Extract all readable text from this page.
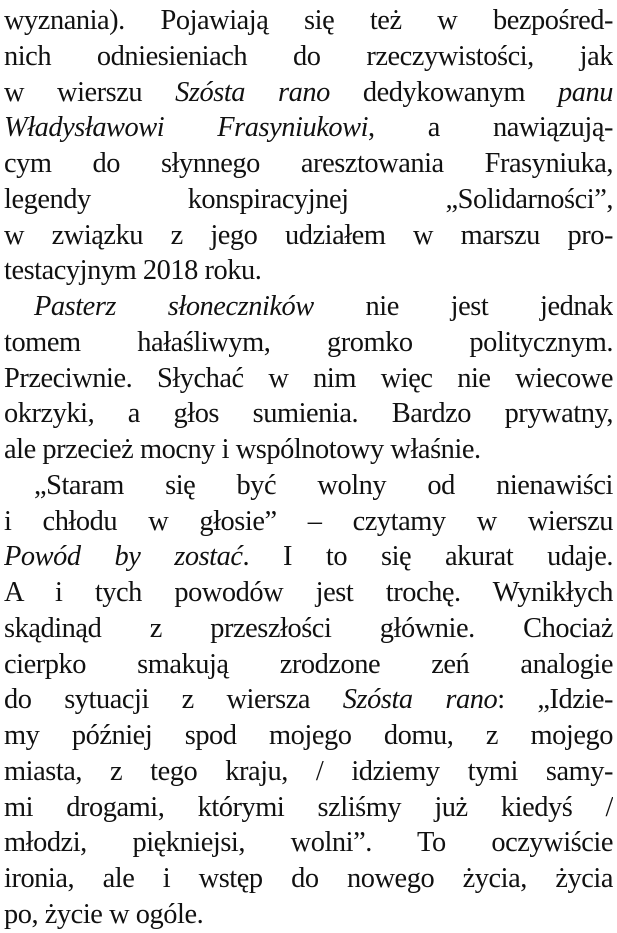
wyznania). Pojawiają się też w bezpośred-
nich odniesieniach do rzeczywistości, jak
w wierszu Szósta rano dedykowanym panu
Władysławowi Frasyniukowi, a nawiązują-
cym do słynnego aresztowania Frasyniuka,
legendy konspiracyjnej „Solidarności”,
w związku z jego udziałem w marszu pro-
testacyjnym 2018 roku.
Pasterz słoneczników nie jest jednak
tomem hałaśliwym, gromko politycznym.
Przeciwnie. Słychać w nim więc nie wiecowe
okrzyki, a głos sumienia. Bardzo prywatny,
ale przecież mocny i wspólnotowy właśnie.
„Staram się być wolny od nienawiści
i chłodu w głosie” – czytamy w wierszu
Powód by zostać. I to się akurat udaje.
A i tych powodów jest trochę. Wynikłych
skądinąd z przeszłości głównie. Chociaż
cierpko smakują zrodzone zeń analogie
do sytuacji z wiersza Szósta rano: „Idzie-
my później spod mojego domu, z mojego
miasta, z tego kraju, / idziemy tymi samy-
mi drogami, którymi szliśmy już kiedyś /
młodzi, piękniejsi, wolni”. To oczywiście
ironia, ale i wstęp do nowego życia, życia
po, życie w ogóle.
